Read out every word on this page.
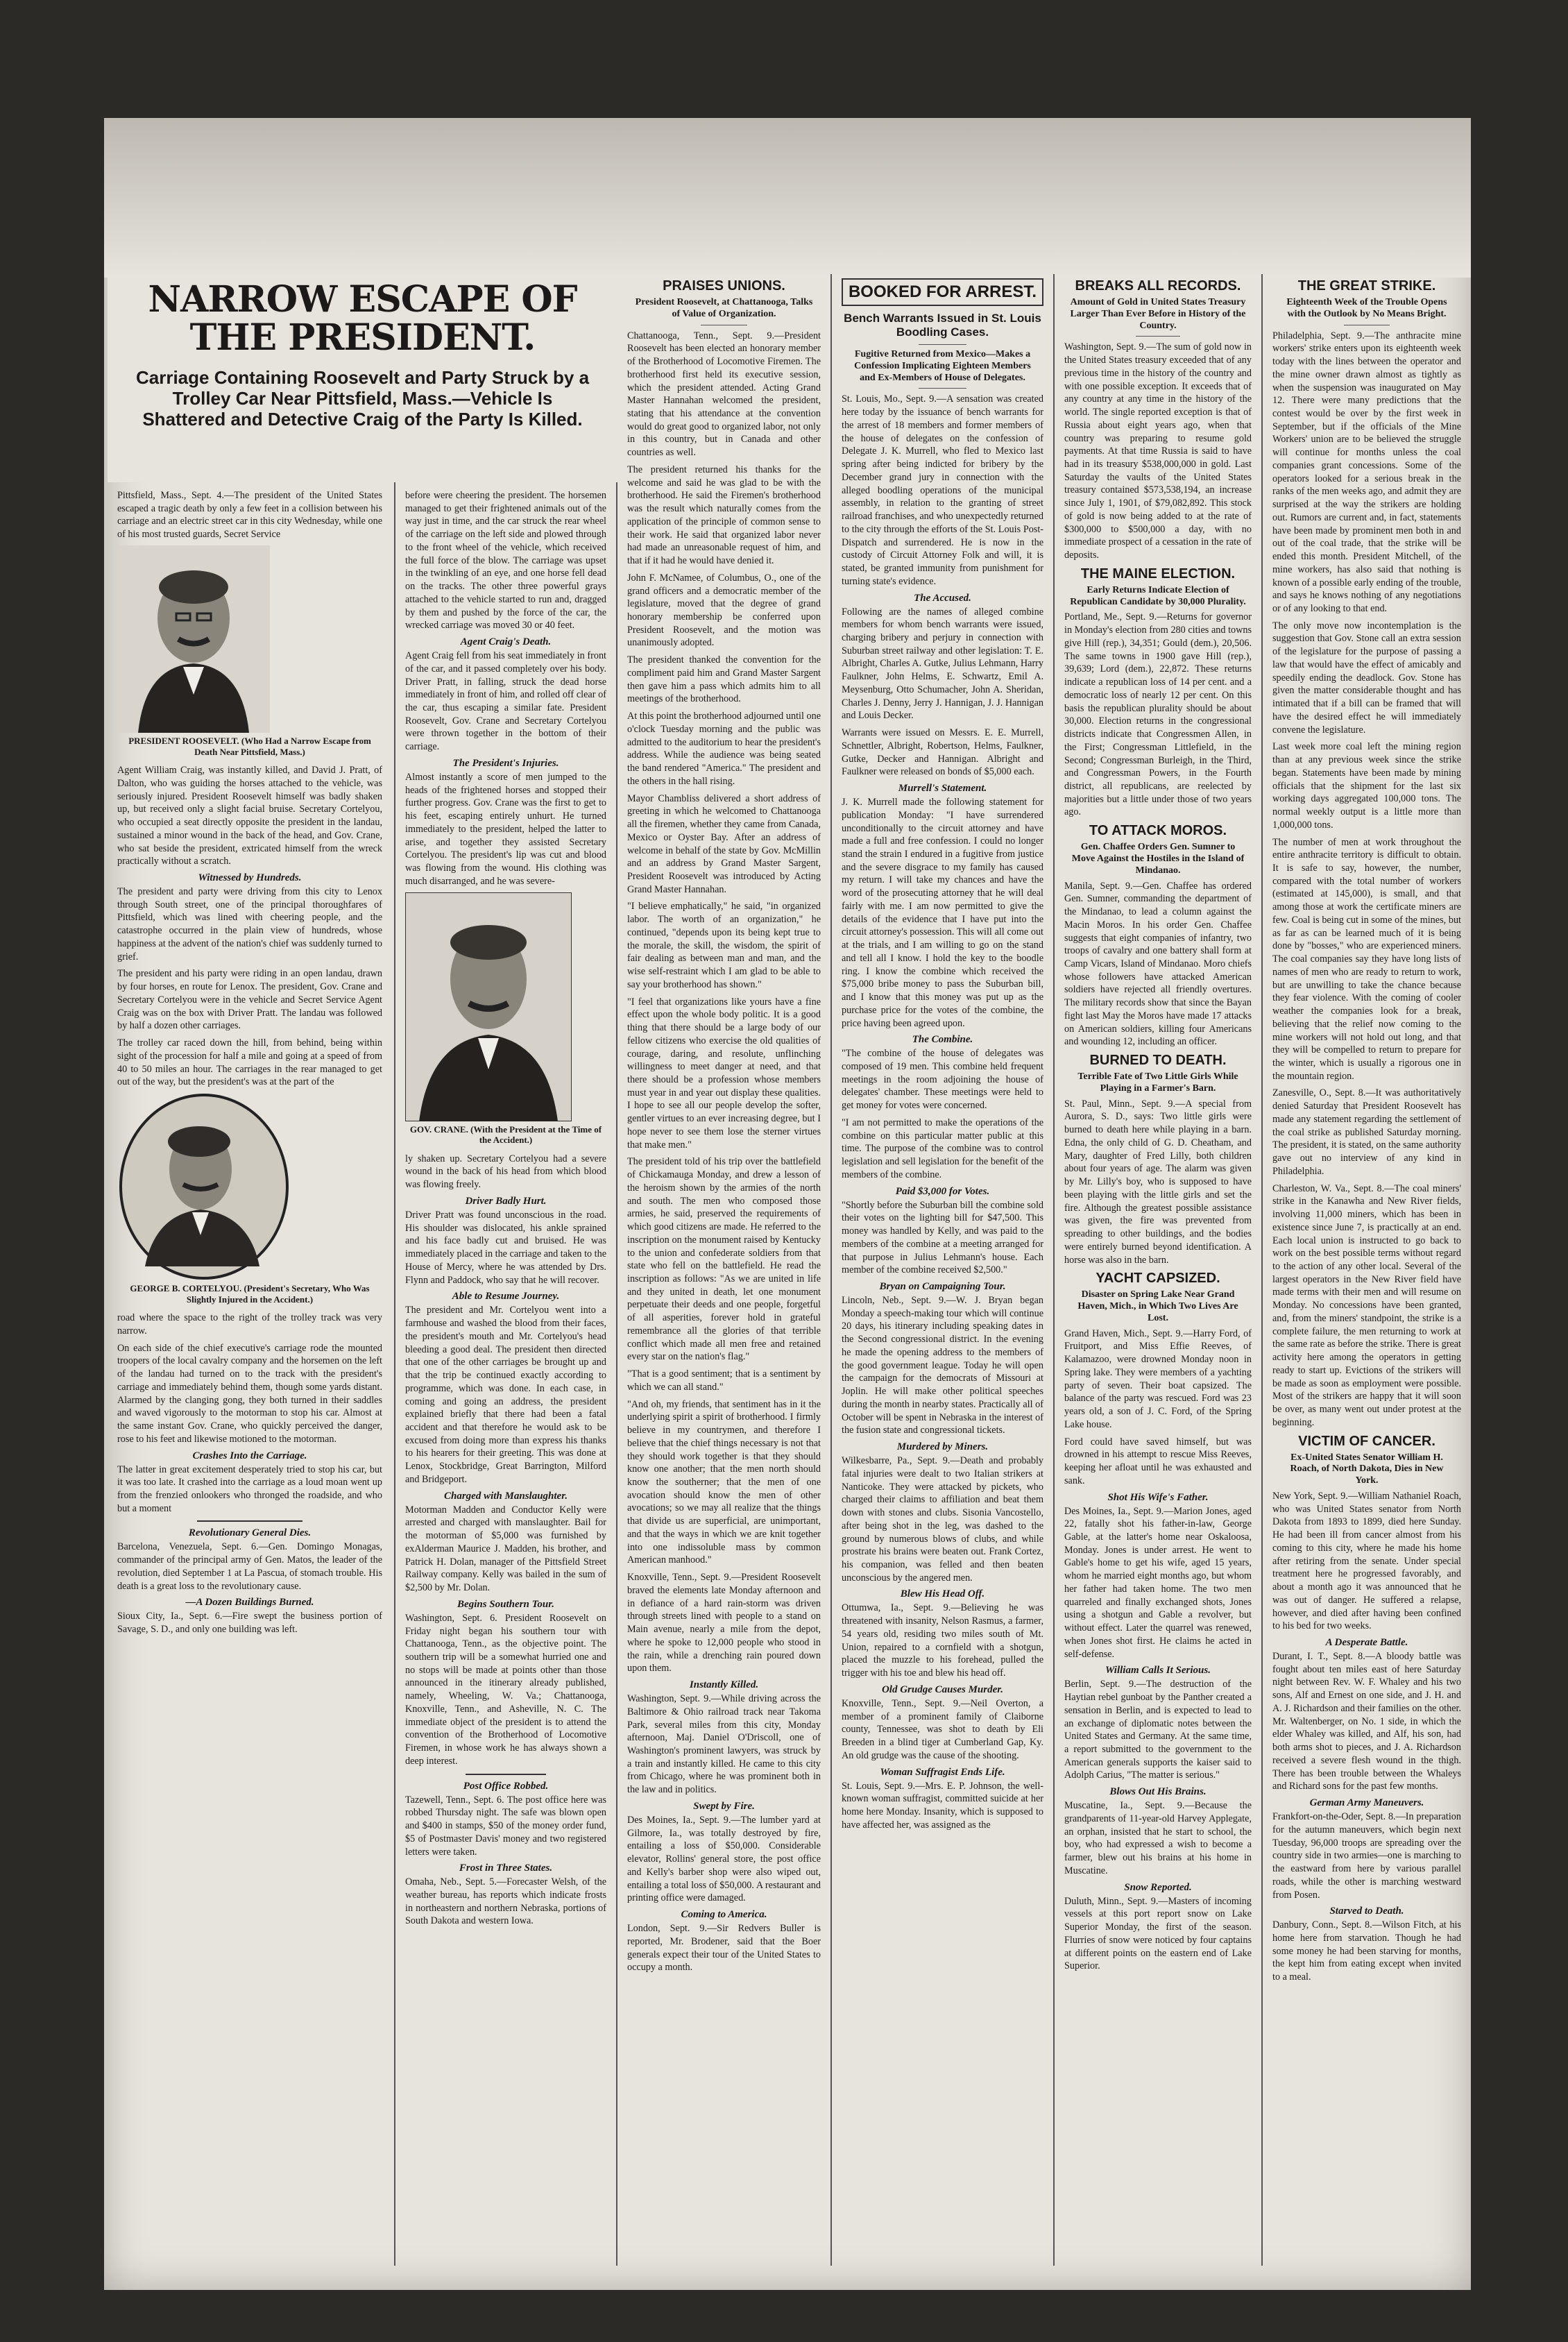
NARROW ESCAPE OF THE PRESIDENT.
Carriage Containing Roosevelt and Party Struck by a Trolley Car Near Pittsfield, Mass.—Vehicle Is Shattered and Detective Craig of the Party Is Killed.

Pittsfield, Mass., Sept. 4.—The president of the United States escaped a tragic death by only a few feet in a collision between his carriage and an electric street car in this city Wednesday, while one of his most trusted guards, Secret Service

PRESIDENT ROOSEVELT. (Who Had a Narrow Escape from Death Near Pittsfield, Mass.)

Agent William Craig, was instantly killed, and David J. Pratt, of Dalton, who was guiding the horses attached to the vehicle, was seriously injured. President Roosevelt himself was badly shaken up, but received only a slight facial bruise. Secretary Cortelyou, who occupied a seat directly opposite the president in the landau, sustained a minor wound in the back of the head, and Gov. Crane, who sat beside the president, extricated himself from the wreck practically without a scratch.

Witnessed by Hundreds.

The president and party were driving from this city to Lenox through South street, one of the principal thoroughfares of Pittsfield, which was lined with cheering people, and the catastrophe occurred in the plain view of hundreds, whose happiness at the advent of the nation's chief was suddenly turned to grief.

The president and his party were riding in an open landau, drawn by four horses, en route for Lenox. The president, Gov. Crane and Secretary Cortelyou were in the vehicle and Secret Service Agent Craig was on the box with Driver Pratt. The landau was followed by half a dozen other carriages.

The trolley car raced down the hill, from behind, being within sight of the procession for half a mile and going at a speed of from 40 to 50 miles an hour. The carriages in the rear managed to get out of the way, but the president's was at the part of the

GEORGE B. CORTELYOU. (President's Secretary, Who Was Slightly Injured in the Accident.)

road where the space to the right of the trolley track was very narrow.

On each side of the chief executive's carriage rode the mounted troopers of the local cavalry company and the horsemen on the left of the landau had turned on to the track with the president's carriage and immediately behind them, though some yards distant. Alarmed by the clanging gong, they both turned in their saddles and waved vigorously to the motorman to stop his car. Almost at the same instant Gov. Crane, who quickly perceived the danger, rose to his feet and likewise motioned to the motorman.

Crashes Into the Carriage.

The latter in great excitement desperately tried to stop his car, but it was too late. It crashed into the carriage as a loud moan went up from the frenzied onlookers who thronged the roadside, and who but a moment

Revolutionary General Dies.

Barcelona, Venezuela, Sept. 6.—Gen. Domingo Monagas, commander of the principal army of Gen. Matos, the leader of the revolution, died September 1 at La Pascua, of stomach trouble. His death is a great loss to the revolutionary cause.

—A Dozen Buildings Burned.

Sioux City, Ia., Sept. 6.—Fire swept the business portion of Savage, S. D., and only one building was left.

before were cheering the president. The horsemen managed to get their frightened animals out of the way just in time, and the car struck the rear wheel of the carriage on the left side and plowed through to the front wheel of the vehicle, which received the full force of the blow. The carriage was upset in the twinkling of an eye, and one horse fell dead on the tracks. The other three powerful grays attached to the vehicle started to run and, dragged by them and pushed by the force of the car, the wrecked carriage was moved 30 or 40 feet.

Agent Craig's Death.

Agent Craig fell from his seat immediately in front of the car, and it passed completely over his body. Driver Pratt, in falling, struck the dead horse immediately in front of him, and rolled off clear of the car, thus escaping a similar fate. President Roosevelt, Gov. Crane and Secretary Cortelyou were thrown together in the bottom of their carriage.

The President's Injuries.

Almost instantly a score of men jumped to the heads of the frightened horses and stopped their further progress. Gov. Crane was the first to get to his feet, escaping entirely unhurt. He turned immediately to the president, helped the latter to arise, and together they assisted Secretary Cortelyou. The president's lip was cut and blood was flowing from the wound. His clothing was much disarranged, and he was severe-

GOV. CRANE. (With the President at the Time of the Accident.)

ly shaken up. Secretary Cortelyou had a severe wound in the back of his head from which blood was flowing freely.

Driver Badly Hurt.

Driver Pratt was found unconscious in the road. His shoulder was dislocated, his ankle sprained and his face badly cut and bruised. He was immediately placed in the carriage and taken to the House of Mercy, where he was attended by Drs. Flynn and Paddock, who say that he will recover.

Able to Resume Journey.

The president and Mr. Cortelyou went into a farmhouse and washed the blood from their faces, the president's mouth and Mr. Cortelyou's head bleeding a good deal. The president then directed that one of the other carriages be brought up and that the trip be continued exactly according to programme, which was done. In each case, in coming and going an address, the president explained briefly that there had been a fatal accident and that therefore he would ask to be excused from doing more than express his thanks to his hearers for their greeting. This was done at Lenox, Stockbridge, Great Barrington, Milford and Bridgeport.

Charged with Manslaughter.

Motorman Madden and Conductor Kelly were arrested and charged with manslaughter. Bail for the motorman of $5,000 was furnished by exAlderman Maurice J. Madden, his brother, and Patrick H. Dolan, manager of the Pittsfield Street Railway company. Kelly was bailed in the sum of $2,500 by Mr. Dolan.

Begins Southern Tour.

Washington, Sept. 6. President Roosevelt on Friday night began his southern tour with Chattanooga, Tenn., as the objective point. The southern trip will be a somewhat hurried one and no stops will be made at points other than those announced in the itinerary already published, namely, Wheeling, W. Va.; Chattanooga, Knoxville, Tenn., and Asheville, N. C. The immediate object of the president is to attend the convention of the Brotherhood of Locomotive Firemen, in whose work he has always shown a deep interest.

Post Office Robbed.

Tazewell, Tenn., Sept. 6. The post office here was robbed Thursday night. The safe was blown open and $400 in stamps, $50 of the money order fund, $5 of Postmaster Davis' money and two registered letters were taken.

Frost in Three States.

Omaha, Neb., Sept. 5.—Forecaster Welsh, of the weather bureau, has reports which indicate frosts in northeastern and northern Nebraska, portions of South Dakota and western Iowa.

PRAISES UNIONS.
President Roosevelt, at Chattanooga, Talks of Value of Organization.

Chattanooga, Tenn., Sept. 9.—President Roosevelt has been elected an honorary member of the Brotherhood of Locomotive Firemen. The brotherhood first held its executive session, which the president attended. Acting Grand Master Hannahan welcomed the president, stating that his attendance at the convention would do great good to organized labor, not only in this country, but in Canada and other countries as well.

The president returned his thanks for the welcome and said he was glad to be with the brotherhood. He said the Firemen's brotherhood was the result which naturally comes from the application of the principle of common sense to their work. He said that organized labor never had made an unreasonable request of him, and that if it had he would have denied it.

John F. McNamee, of Columbus, O., one of the grand officers and a democratic member of the legislature, moved that the degree of grand honorary membership be conferred upon President Roosevelt, and the motion was unanimously adopted.

The president thanked the convention for the compliment paid him and Grand Master Sargent then gave him a pass which admits him to all meetings of the brotherhood.

At this point the brotherhood adjourned until one o'clock Tuesday morning and the public was admitted to the auditorium to hear the president's address. While the audience was being seated the band rendered "America." The president and the others in the hall rising.

Mayor Chambliss delivered a short address of greeting in which he welcomed to Chattanooga all the firemen, whether they came from Canada, Mexico or Oyster Bay. After an address of welcome in behalf of the state by Gov. McMillin and an address by Grand Master Sargent, President Roosevelt was introduced by Acting Grand Master Hannahan.

"I believe emphatically," he said, "in organized labor. The worth of an organization," he continued, "depends upon its being kept true to the morale, the skill, the wisdom, the spirit of fair dealing as between man and man, and the wise self-restraint which I am glad to be able to say your brotherhood has shown."

"I feel that organizations like yours have a fine effect upon the whole body politic. It is a good thing that there should be a large body of our fellow citizens who exercise the old qualities of courage, daring, and resolute, unflinching willingness to meet danger at need, and that there should be a profession whose members must year in and year out display these qualities. I hope to see all our people develop the softer, gentler virtues to an ever increasing degree, but I hope never to see them lose the sterner virtues that make men."

The president told of his trip over the battlefield of Chickamauga Monday, and drew a lesson of the heroism shown by the armies of the north and south. The men who composed those armies, he said, preserved the requirements of which good citizens are made. He referred to the inscription on the monument raised by Kentucky to the union and confederate soldiers from that state who fell on the battlefield. He read the inscription as follows: "As we are united in life and they united in death, let one monument perpetuate their deeds and one people, forgetful of all asperities, forever hold in grateful remembrance all the glories of that terrible conflict which made all men free and retained every star on the nation's flag."

"That is a good sentiment; that is a sentiment by which we can all stand."

"And oh, my friends, that sentiment has in it the underlying spirit a spirit of brotherhood. I firmly believe in my countrymen, and therefore I believe that the chief things necessary is not that they should work together is that they should know one another; that the men north should know the southerner; that the men of one avocation should know the men of other avocations; so we may all realize that the things that divide us are superficial, are unimportant, and that the ways in which we are knit together into one indissoluble mass by common American manhood."

Knoxville, Tenn., Sept. 9.—President Roosevelt braved the elements late Monday afternoon and in defiance of a hard rain-storm was driven through streets lined with people to a stand on Main avenue, nearly a mile from the depot, where he spoke to 12,000 people who stood in the rain, while a drenching rain poured down upon them.

Instantly Killed.

Washington, Sept. 9.—While driving across the Baltimore & Ohio railroad track near Takoma Park, several miles from this city, Monday afternoon, Maj. Daniel O'Driscoll, one of Washington's prominent lawyers, was struck by a train and instantly killed. He came to this city from Chicago, where he was prominent both in the law and in politics.

Swept by Fire.

Des Moines, Ia., Sept. 9.—The lumber yard at Gilmore, Ia., was totally destroyed by fire, entailing a loss of $50,000. Considerable elevator, Rollins' general store, the post office and Kelly's barber shop were also wiped out, entailing a total loss of $50,000. A restaurant and printing office were damaged.

Coming to America.

London, Sept. 9.—Sir Redvers Buller is reported, Mr. Brodener, said that the Boer generals expect their tour of the United States to occupy a month.

BOOKED FOR ARREST.
Bench Warrants Issued in St. Louis Boodling Cases.
Fugitive Returned from Mexico—Makes a Confession Implicating Eighteen Members and Ex-Members of House of Delegates.

St. Louis, Mo., Sept. 9.—A sensation was created here today by the issuance of bench warrants for the arrest of 18 members and former members of the house of delegates on the confession of Delegate J. K. Murrell, who fled to Mexico last spring after being indicted for bribery by the December grand jury in connection with the alleged boodling operations of the municipal assembly, in relation to the granting of street railroad franchises, and who unexpectedly returned to the city through the efforts of the St. Louis Post-Dispatch and surrendered. He is now in the custody of Circuit Attorney Folk and will, it is stated, be granted immunity from punishment for turning state's evidence.

The Accused.

Following are the names of alleged combine members for whom bench warrants were issued, charging bribery and perjury in connection with Suburban street railway and other legislation: T. E. Albright, Charles A. Gutke, Julius Lehmann, Harry Faulkner, John Helms, E. Schwartz, Emil A. Meysenburg, Otto Schumacher, John A. Sheridan, Charles J. Denny, Jerry J. Hannigan, J. J. Hannigan and Louis Decker.

Warrants were issued on Messrs. E. E. Murrell, Schnettler, Albright, Robertson, Helms, Faulkner, Gutke, Decker and Hannigan. Albright and Faulkner were released on bonds of $5,000 each.

Murrell's Statement.

J. K. Murrell made the following statement for publication Monday: "I have surrendered unconditionally to the circuit attorney and have made a full and free confession. I could no longer stand the strain I endured in a fugitive from justice and the severe disgrace to my family has caused my return. I will take my chances and have the word of the prosecuting attorney that he will deal fairly with me. I am now permitted to give the details of the evidence that I have put into the circuit attorney's possession. This will all come out at the trials, and I am willing to go on the stand and tell all I know. I hold the key to the boodle ring. I know the combine which received the $75,000 bribe money to pass the Suburban bill, and I know that this money was put up as the purchase price for the votes of the combine, the price having been agreed upon.

The Combine.

"The combine of the house of delegates was composed of 19 men. This combine held frequent meetings in the room adjoining the house of delegates' chamber. These meetings were held to get money for votes were concerned.

"I am not permitted to make the operations of the combine on this particular matter public at this time. The purpose of the combine was to control legislation and sell legislation for the benefit of the members of the combine.

Paid $3,000 for Votes.

"Shortly before the Suburban bill the combine sold their votes on the lighting bill for $47,500. This money was handled by Kelly, and was paid to the members of the combine at a meeting arranged for that purpose in Julius Lehmann's house. Each member of the combine received $2,500."

Bryan on Campaigning Tour.

Lincoln, Neb., Sept. 9.—W. J. Bryan began Monday a speech-making tour which will continue 20 days, his itinerary including speaking dates in the Second congressional district. In the evening he made the opening address to the members of the good government league. Today he will open the campaign for the democrats of Missouri at Joplin. He will make other political speeches during the month in nearby states. Practically all of October will be spent in Nebraska in the interest of the fusion state and congressional tickets.

Murdered by Miners.

Wilkesbarre, Pa., Sept. 9.—Death and probably fatal injuries were dealt to two Italian strikers at Nanticoke. They were attacked by pickets, who charged their claims to affiliation and beat them down with stones and clubs. Sisonia Vancostello, after being shot in the leg, was dashed to the ground by numerous blows of clubs, and while prostrate his brains were beaten out. Frank Cortez, his companion, was felled and then beaten unconscious by the angered men.

Blew His Head Off.

Ottumwa, Ia., Sept. 9.—Believing he was threatened with insanity, Nelson Rasmus, a farmer, 54 years old, residing two miles south of Mt. Union, repaired to a cornfield with a shotgun, placed the muzzle to his forehead, pulled the trigger with his toe and blew his head off.

Old Grudge Causes Murder.

Knoxville, Tenn., Sept. 9.—Neil Overton, a member of a prominent family of Claiborne county, Tennessee, was shot to death by Eli Breeden in a blind tiger at Cumberland Gap, Ky. An old grudge was the cause of the shooting.

Woman Suffragist Ends Life.

St. Louis, Sept. 9.—Mrs. E. P. Johnson, the well-known woman suffragist, committed suicide at her home here Monday. Insanity, which is supposed to have affected her, was assigned as the

BREAKS ALL RECORDS.
Amount of Gold in United States Treasury Larger Than Ever Before in History of the Country.

Washington, Sept. 9.—The sum of gold now in the United States treasury exceeded that of any previous time in the history of the country and with one possible exception. It exceeds that of any country at any time in the history of the world. The single reported exception is that of Russia about eight years ago, when that country was preparing to resume gold payments. At that time Russia is said to have had in its treasury $538,000,000 in gold. Last Saturday the vaults of the United States treasury contained $573,538,194, an increase since July 1, 1901, of $79,082,892. This stock of gold is now being added to at the rate of $300,000 to $500,000 a day, with no immediate prospect of a cessation in the rate of deposits.

THE MAINE ELECTION.
Early Returns Indicate Election of Republican Candidate by 30,000 Plurality.

Portland, Me., Sept. 9.—Returns for governor in Monday's election from 280 cities and towns give Hill (rep.), 34,351; Gould (dem.), 20,506. The same towns in 1900 gave Hill (rep.), 39,639; Lord (dem.), 22,872. These returns indicate a republican loss of 14 per cent. and a democratic loss of nearly 12 per cent. On this basis the republican plurality should be about 30,000. Election returns in the congressional districts indicate that Congressmen Allen, in the First; Congressman Littlefield, in the Second; Congressman Burleigh, in the Third, and Congressman Powers, in the Fourth district, all republicans, are reelected by majorities but a little under those of two years ago.

TO ATTACK MOROS.
Gen. Chaffee Orders Gen. Sumner to Move Against the Hostiles in the Island of Mindanao.

Manila, Sept. 9.—Gen. Chaffee has ordered Gen. Sumner, commanding the department of the Mindanao, to lead a column against the Macin Moros. In his order Gen. Chaffee suggests that eight companies of infantry, two troops of cavalry and one battery shall form at Camp Vicars, Island of Mindanao. Moro chiefs whose followers have attacked American soldiers have rejected all friendly overtures. The military records show that since the Bayan fight last May the Moros have made 17 attacks on American soldiers, killing four Americans and wounding 12, including an officer.

BURNED TO DEATH.
Terrible Fate of Two Little Girls While Playing in a Farmer's Barn.

St. Paul, Minn., Sept. 9.—A special from Aurora, S. D., says: Two little girls were burned to death here while playing in a barn. Edna, the only child of G. D. Cheatham, and Mary, daughter of Fred Lilly, both children about four years of age. The alarm was given by Mr. Lilly's boy, who is supposed to have been playing with the little girls and set the fire. Although the greatest possible assistance was given, the fire was prevented from spreading to other buildings, and the bodies were entirely burned beyond identification. A horse was also in the barn.

YACHT CAPSIZED.
Disaster on Spring Lake Near Grand Haven, Mich., in Which Two Lives Are Lost.

Grand Haven, Mich., Sept. 9.—Harry Ford, of Fruitport, and Miss Effie Reeves, of Kalamazoo, were drowned Monday noon in Spring lake. They were members of a yachting party of seven. Their boat capsized. The balance of the party was rescued. Ford was 23 years old, a son of J. C. Ford, of the Spring Lake house.

Ford could have saved himself, but was drowned in his attempt to rescue Miss Reeves, keeping her afloat until he was exhausted and sank.

Shot His Wife's Father.

Des Moines, Ia., Sept. 9.—Marion Jones, aged 22, fatally shot his father-in-law, George Gable, at the latter's home near Oskaloosa, Monday. Jones is under arrest. He went to Gable's home to get his wife, aged 15 years, whom he married eight months ago, but whom her father had taken home. The two men quarreled and finally exchanged shots, Jones using a shotgun and Gable a revolver, but without effect. Later the quarrel was renewed, when Jones shot first. He claims he acted in self-defense.

William Calls It Serious.

Berlin, Sept. 9.—The destruction of the Haytian rebel gunboat by the Panther created a sensation in Berlin, and is expected to lead to an exchange of diplomatic notes between the United States and Germany. At the same time, a report submitted to the government to the American generals supports the kaiser said to Adolph Carius, "The matter is serious."

Blows Out His Brains.

Muscatine, Ia., Sept. 9.—Because the grandparents of 11-year-old Harvey Applegate, an orphan, insisted that he start to school, the boy, who had expressed a wish to become a farmer, blew out his brains at his home in Muscatine.

Snow Reported.

Duluth, Minn., Sept. 9.—Masters of incoming vessels at this port report snow on Lake Superior Monday, the first of the season. Flurries of snow were noticed by four captains at different points on the eastern end of Lake Superior.

THE GREAT STRIKE.
Eighteenth Week of the Trouble Opens with the Outlook by No Means Bright.

Philadelphia, Sept. 9.—The anthracite mine workers' strike enters upon its eighteenth week today with the lines between the operator and the mine owner drawn almost as tightly as when the suspension was inaugurated on May 12. There were many predictions that the contest would be over by the first week in September, but if the officials of the Mine Workers' union are to be believed the struggle will continue for months unless the coal companies grant concessions. Some of the operators looked for a serious break in the ranks of the men weeks ago, and admit they are surprised at the way the strikers are holding out. Rumors are current and, in fact, statements have been made by prominent men both in and out of the coal trade, that the strike will be ended this month. President Mitchell, of the mine workers, has also said that nothing is known of a possible early ending of the trouble, and says he knows nothing of any negotiations or of any looking to that end.

The only move now incontemplation is the suggestion that Gov. Stone call an extra session of the legislature for the purpose of passing a law that would have the effect of amicably and speedily ending the deadlock. Gov. Stone has given the matter considerable thought and has intimated that if a bill can be framed that will have the desired effect he will immediately convene the legislature.

Last week more coal left the mining region than at any previous week since the strike began. Statements have been made by mining officials that the shipment for the last six working days aggregated 100,000 tons. The normal weekly output is a little more than 1,000,000 tons.

The number of men at work throughout the entire anthracite territory is difficult to obtain. It is safe to say, however, the number, compared with the total number of workers (estimated at 145,000), is small, and that among those at work the certificate miners are few. Coal is being cut in some of the mines, but as far as can be learned much of it is being done by "bosses," who are experienced miners. The coal companies say they have long lists of names of men who are ready to return to work, but are unwilling to take the chance because they fear violence. With the coming of cooler weather the companies look for a break, believing that the relief now coming to the mine workers will not hold out long, and that they will be compelled to return to prepare for the winter, which is usually a rigorous one in the mountain region.

Zanesville, O., Sept. 8.—It was authoritatively denied Saturday that President Roosevelt has made any statement regarding the settlement of the coal strike as published Saturday morning. The president, it is stated, on the same authority gave out no interview of any kind in Philadelphia.

Charleston, W. Va., Sept. 8.—The coal miners' strike in the Kanawha and New River fields, involving 11,000 miners, which has been in existence since June 7, is practically at an end. Each local union is instructed to go back to work on the best possible terms without regard to the action of any other local. Several of the largest operators in the New River field have made terms with their men and will resume on Monday. No concessions have been granted, and, from the miners' standpoint, the strike is a complete failure, the men returning to work at the same rate as before the strike. There is great activity here among the operators in getting ready to start up. Evictions of the strikers will be made as soon as employment were possible. Most of the strikers are happy that it will soon be over, as many went out under protest at the beginning.

VICTIM OF CANCER.
Ex-United States Senator William H. Roach, of North Dakota, Dies in New York.

New York, Sept. 9.—William Nathaniel Roach, who was United States senator from North Dakota from 1893 to 1899, died here Sunday. He had been ill from cancer almost from his coming to this city, where he made his home after retiring from the senate. Under special treatment here he progressed favorably, and about a month ago it was announced that he was out of danger. He suffered a relapse, however, and died after having been confined to his bed for two weeks.

A Desperate Battle.

Durant, I. T., Sept. 8.—A bloody battle was fought about ten miles east of here Saturday night between Rev. W. F. Whaley and his two sons, Alf and Ernest on one side, and J. H. and A. J. Richardson and their families on the other. Mr. Waltenberger, on No. 1 side, in which the elder Whaley was killed, and Alf, his son, had both arms shot to pieces, and J. A. Richardson received a severe flesh wound in the thigh. There has been trouble between the Whaleys and Richard sons for the past few months.

German Army Maneuvers.

Frankfort-on-the-Oder, Sept. 8.—In preparation for the autumn maneuvers, which begin next Tuesday, 96,000 troops are spreading over the country side in two armies—one is marching to the eastward from here by various parallel roads, while the other is marching westward from Posen.

Starved to Death.

Danbury, Conn., Sept. 8.—Wilson Fitch, at his home here from starvation. Though he had some money he had been starving for months, the kept him from eating except when invited to a meal.
